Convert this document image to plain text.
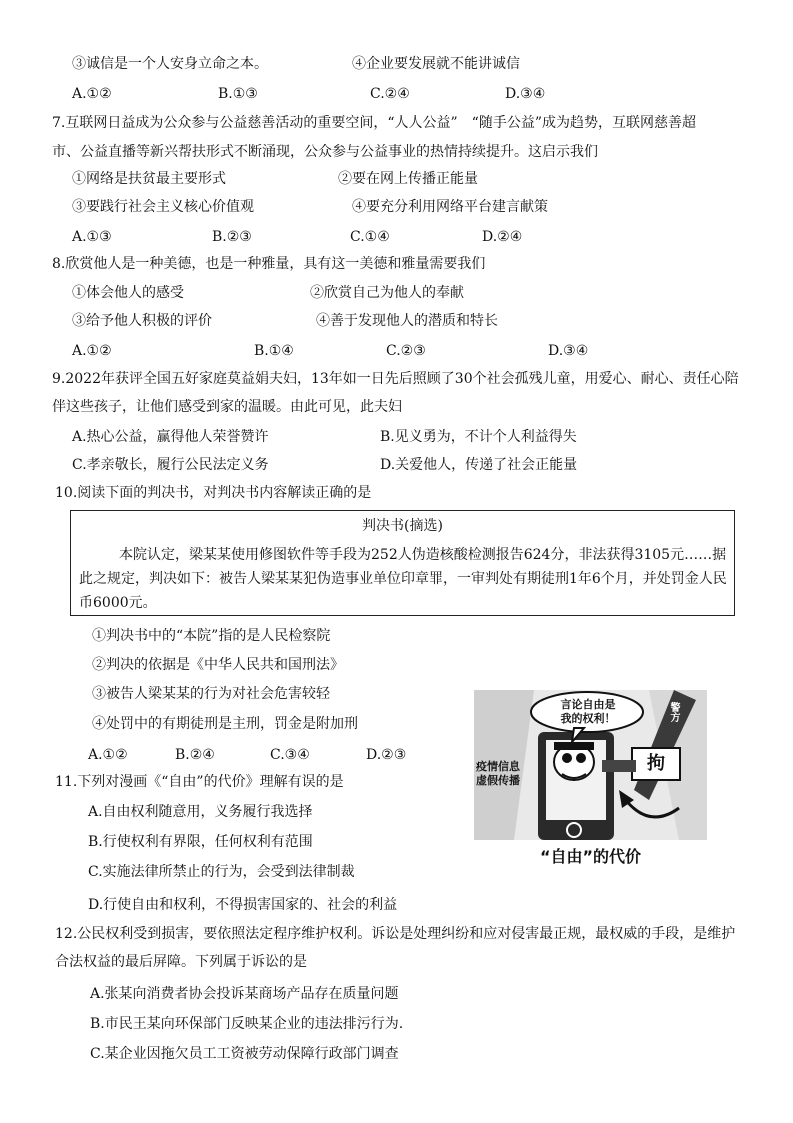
③诚信是一个人安身立命之本。	④企业要发展就不能讲诚信
A.①②	B.①③	C.②④	D.③④
7.互联网日益成为公众参与公益慈善活动的重要空间，“人人公益”　“随手公益”成为趋势，互联网慈善超
市、公益直播等新兴帮扶形式不断涌现，公众参与公益事业的热情持续提升。这启示我们
①网络是扶贫最主要形式	②要在网上传播正能量
③要践行社会主义核心价值观	④要充分利用网络平台建言献策
A.①③	B.②③	C.①④	D.②④
8.欣赏他人是一种美德，也是一种雅量，具有这一美德和雅量需要我们
①体会他人的感受	②欣赏自己为他人的奉献
③给予他人积极的评价	④善于发现他人的潜质和特长
A.①②	B.①④	C.②③	D.③④
9.2022年获评全国五好家庭莫益娟夫妇，13年如一日先后照顾了30个社会孤残儿童，用爱心、耐心、责任心陪
伴这些孩子，让他们感受到家的温暖。由此可见，此夫妇
A.热心公益，赢得他人荣誉赞许	B.见义勇为，不计个人利益得失
C.孝亲敬长，履行公民法定义务	D.关爱他人，传递了社会正能量
10.阅读下面的判决书，对判决书内容解读正确的是
判决书(摘选)
本院认定，梁某某使用修图软件等手段为252人伪造核酸检测报告624分，非法获得3105元……据此之规定，判决如下：被告人梁某某犯伪造事业单位印章罪，一审判处有期徒刑1年6个月，并处罚金人民币6000元。
①判决书中的“本院”指的是人民检察院
②判决的依据是《中华人民共和国刑法》
③被告人梁某某的行为对社会危害较轻
④处罚中的有期徒刑是主刑，罚金是附加刑
A.①②	B.②④	C.③④	D.②③
言论自由是
我的权利！
疫情信息
虚假传播
警方
拘
“自由”的代价
11.下列对漫画《“自由”的代价》理解有误的是
A.自由权利随意用，义务履行我选择
B.行使权利有界限，任何权利有范围
C.实施法律所禁止的行为，会受到法律制裁
D.行使自由和权利，不得损害国家的、社会的利益
12.公民权利受到损害，要依照法定程序维护权利。诉讼是处理纠纷和应对侵害最正规，最权威的手段，是维护
合法权益的最后屏障。下列属于诉讼的是
A.张某向消费者协会投诉某商场产品存在质量问题
B.市民王某向环保部门反映某企业的违法排污行为.
C.某企业因拖欠员工工资被劳动保障行政部门调查
